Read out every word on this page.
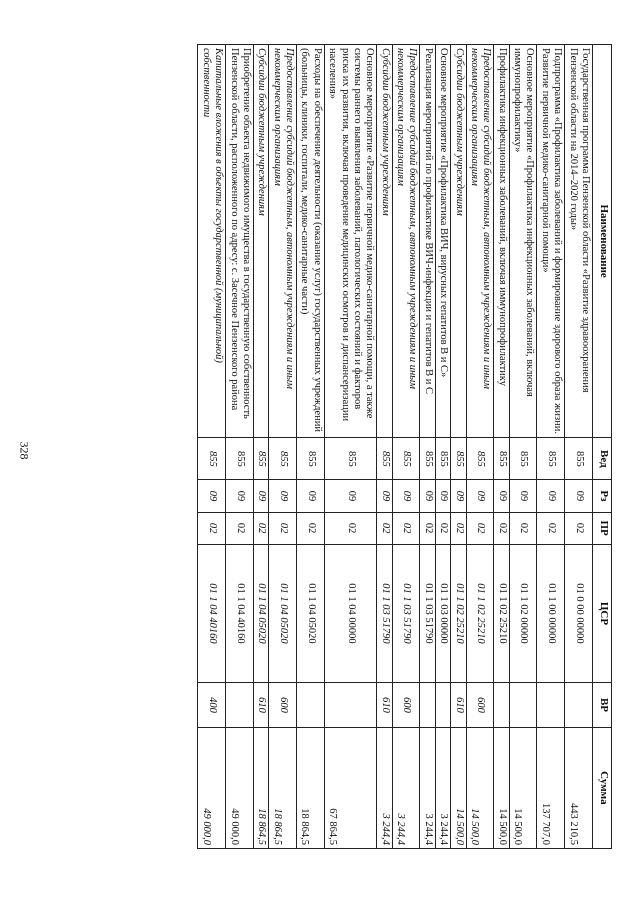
328
Наименование	Вед	Рз	ПР	ЦСР	ВР	Сумма
Государственная программа Пензенской области «Развитие здравоохранения Пензенской области на 2014–2020 годы»	855	09	02	01 0 00 00000		443 210,5
Подпрограмма «Профилактика заболеваний и формирование здорового образа жизни. Развитие первичной медико-санитарной помощи»	855	09	02	01 1 00 00000		137 707,0
Основное мероприятие «Профилактика инфекционных заболеваний, включая иммунопрофилактику»	855	09	02	01 1 02 00000		14 500,0
Профилактика инфекционных заболеваний, включая иммунопрофилактику	855	09	02	01 1 02 25210		14 500,0
Предоставление субсидий бюджетным, автономным учреждениям и иным некоммерческим организациям	855	09	02	01 1 02 25210	600	14 500,0
Субсидии бюджетным учреждениям	855	09	02	01 1 02 25210	610	14 500,0
Основное мероприятие «Профилактика ВИЧ, вирусных гепатитов В и С»	855	09	02	01 1 03 00000		3 244,4
Реализация мероприятий по профилактике ВИЧ-инфекции и гепатитов В и С	855	09	02	01 1 03 51790		3 244,4
Предоставление субсидий бюджетным, автономным учреждениям и иным некоммерческим организациям	855	09	02	01 1 03 51790	600	3 244,4
Субсидии бюджетным учреждениям	855	09	02	01 1 03 51790	610	3 244,4
Основное мероприятие «Развитие первичной медико-санитарной помощи, а также системы раннего выявления заболеваний, патологических состояний и факторов риска их развития, включая проведение медицинских осмотров и диспансеризации населения»	855	09	02	01 1 04 00000		67 864,5
Расходы на обеспечение деятельности (оказание услуг) государственных учреждений (больницы, клиники, госпитали, медико-санитарные части)	855	09	02	01 1 04 05020		18 864,5
Предоставление субсидий бюджетным, автономным учреждениям и иным некоммерческим организациям	855	09	02	01 1 04 05020	600	18 864,5
Субсидии бюджетным учреждениям	855	09	02	01 1 04 05020	610	18 864,5
Приобретение объекта недвижимого имущества в государственную собственность Пензенской области, расположенного по адресу: с. Засечное Пензенского района	855	09	02	01 1 04 40160		49 000,0
Капитальные вложения в объекты государственной (муниципальной) собственности	855	09	02	01 1 04 40160	400	49 000,0
